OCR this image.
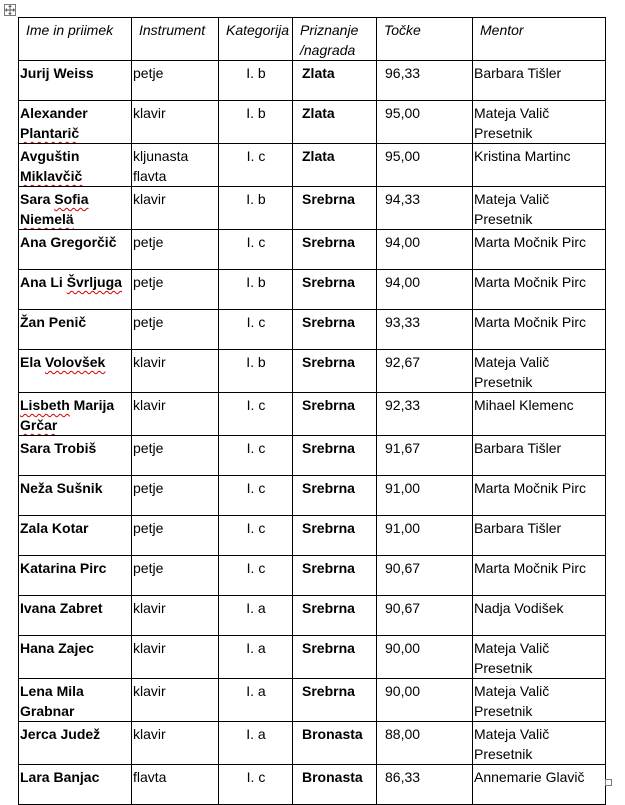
Ime in priimek	Instrument	Kategorija	Priznanje /nagrada	Točke	Mentor
Jurij Weiss	petje	I. b	Zlata	96,33	Barbara Tišler
Alexander Plantarič	klavir	I. b	Zlata	95,00	Mateja Valič Presetnik
Avguštin Miklavčič	kljunasta flavta	I. c	Zlata	95,00	Kristina Martinc
Sara Sofia Niemelä	klavir	I. b	Srebrna	94,33	Mateja Valič Presetnik
Ana Gregorčič	petje	I. c	Srebrna	94,00	Marta Močnik Pirc
Ana Li Švrljuga	petje	I. b	Srebrna	94,00	Marta Močnik Pirc
Žan Penič	petje	I. c	Srebrna	93,33	Marta Močnik Pirc
Ela Volovšek	klavir	I. b	Srebrna	92,67	Mateja Valič Presetnik
Lisbeth Marija Grčar	klavir	I. c	Srebrna	92,33	Mihael Klemenc
Sara Trobiš	petje	I. c	Srebrna	91,67	Barbara Tišler
Neža Sušnik	petje	I. c	Srebrna	91,00	Marta Močnik Pirc
Zala Kotar	petje	I. c	Srebrna	91,00	Barbara Tišler
Katarina Pirc	petje	I. c	Srebrna	90,67	Marta Močnik Pirc
Ivana Zabret	klavir	I. a	Srebrna	90,67	Nadja Vodišek
Hana Zajec	klavir	I. a	Srebrna	90,00	Mateja Valič Presetnik
Lena Mila Grabnar	klavir	I. a	Srebrna	90,00	Mateja Valič Presetnik
Jerca Judež	klavir	I. a	Bronasta	88,00	Mateja Valič Presetnik
Lara Banjac	flavta	I. c	Bronasta	86,33	Annemarie Glavič
